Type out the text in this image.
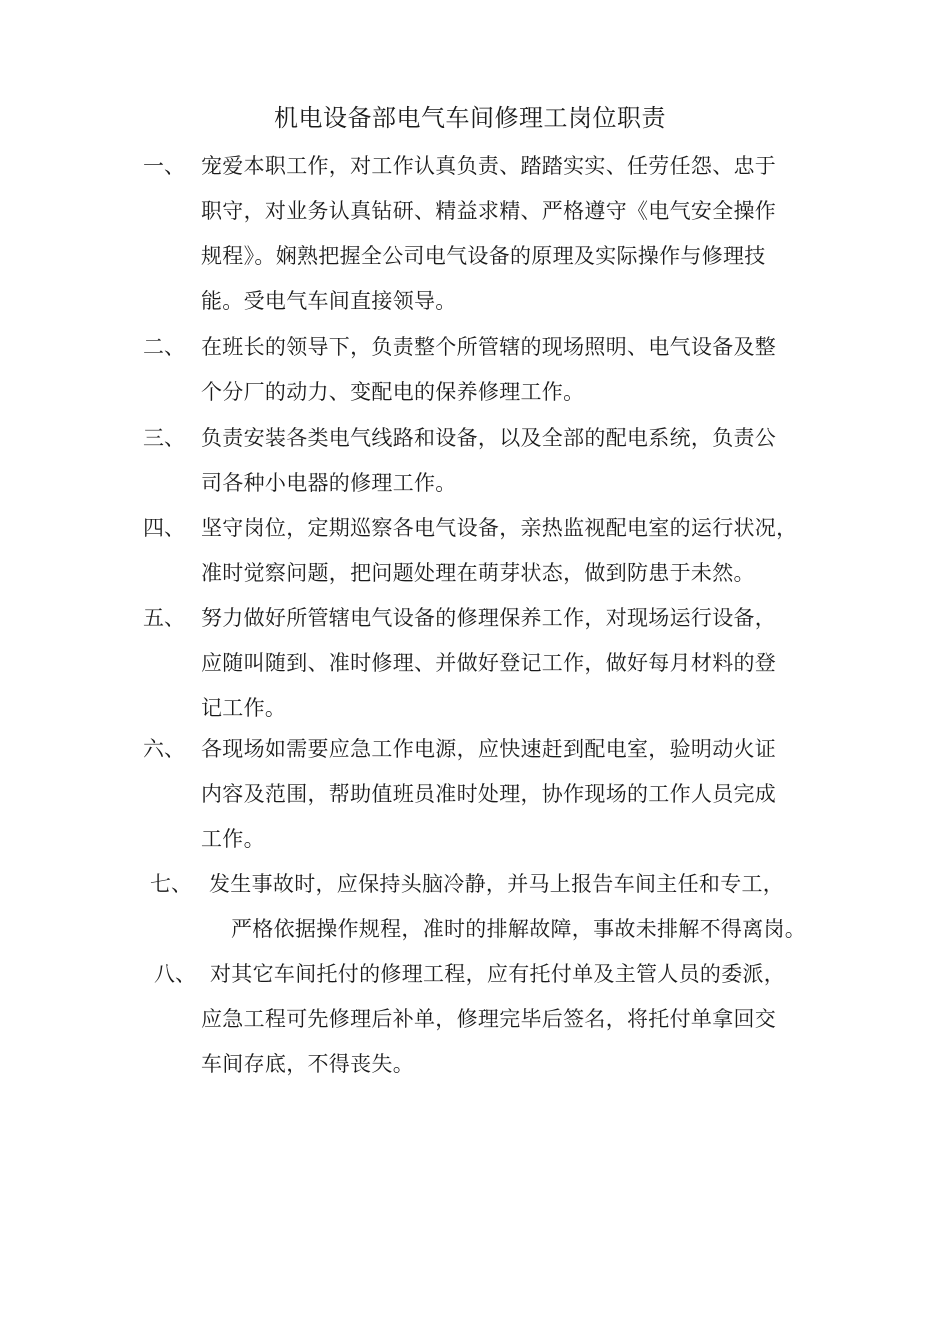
机电设备部电气车间修理工岗位职责
一、 宠爱本职工作，对工作认真负责、踏踏实实、任劳任怨、忠于
职守，对业务认真钻研、精益求精、严格遵守《电气安全操作
规程》。娴熟把握全公司电气设备的原理及实际操作与修理技
能。受电气车间直接领导。
二、 在班长的领导下，负责整个所管辖的现场照明、电气设备及整
个分厂的动力、变配电的保养修理工作。
三、 负责安装各类电气线路和设备，以及全部的配电系统，负责公
司各种小电器的修理工作。
四、 坚守岗位，定期巡察各电气设备，亲热监视配电室的运行状况，
准时觉察问题，把问题处理在萌芽状态，做到防患于未然。
五、 努力做好所管辖电气设备的修理保养工作，对现场运行设备，
应随叫随到、准时修理、并做好登记工作，做好每月材料的登
记工作。
六、 各现场如需要应急工作电源，应快速赶到配电室，验明动火证
内容及范围，帮助值班员准时处理，协作现场的工作人员完成
工作。
七、 发生事故时，应保持头脑冷静，并马上报告车间主任和专工，
严格依据操作规程，准时的排解故障，事故未排解不得离岗。
八、 对其它车间托付的修理工程，应有托付单及主管人员的委派，
应急工程可先修理后补单，修理完毕后签名，将托付单拿回交
车间存底，不得丧失。
